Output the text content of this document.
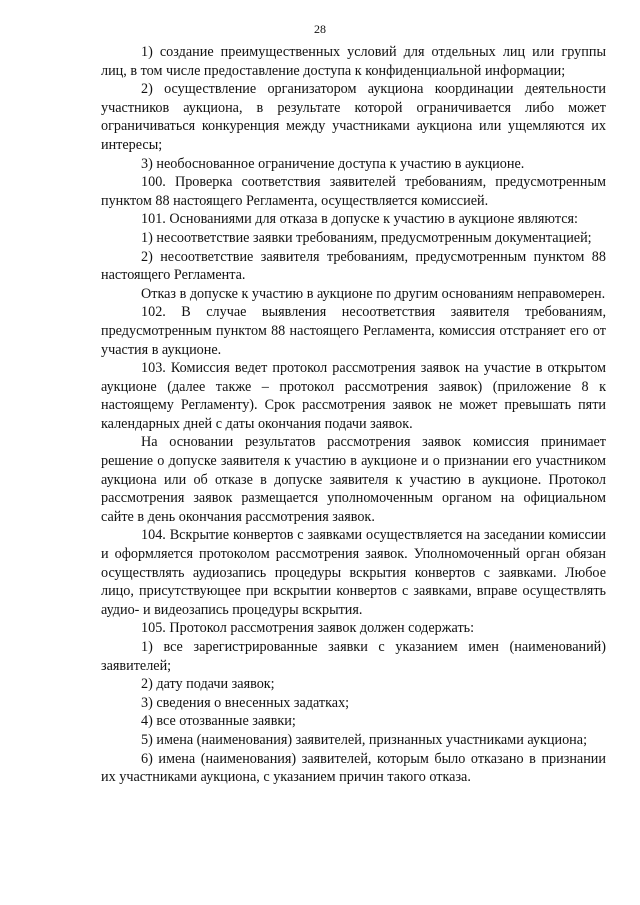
28

1) создание преимущественных условий для отдельных лиц или группы лиц, в том числе предоставление доступа к конфиденциальной информации;

2) осуществление организатором аукциона координации деятельности участников аукциона, в результате которой ограничивается либо может ограничиваться конкуренция между участниками аукциона или ущемляются их интересы;

3) необоснованное ограничение доступа к участию в аукционе.

100. Проверка соответствия заявителей требованиям, предусмотренным пунктом 88 настоящего Регламента, осуществляется комиссией.

101. Основаниями для отказа в допуске к участию в аукционе являются:

1) несоответствие заявки требованиям, предусмотренным документацией;

2) несоответствие заявителя требованиям, предусмотренным пунктом 88 настоящего Регламента.

Отказ в допуске к участию в аукционе по другим основаниям неправомерен.

102. В случае выявления несоответствия заявителя требованиям, предусмотренным пунктом 88 настоящего Регламента, комиссия отстраняет его от участия в аукционе.

103. Комиссия ведет протокол рассмотрения заявок на участие в открытом аукционе (далее также – протокол рассмотрения заявок) (приложение 8 к настоящему Регламенту). Срок рассмотрения заявок не может превышать пяти календарных дней с даты окончания подачи заявок.

На основании результатов рассмотрения заявок комиссия принимает решение о допуске заявителя к участию в аукционе и о признании его участником аукциона или об отказе в допуске заявителя к участию в аукционе. Протокол рассмотрения заявок размещается уполномоченным органом на официальном сайте в день окончания рассмотрения заявок.

104. Вскрытие конвертов с заявками осуществляется на заседании комиссии и оформляется протоколом рассмотрения заявок. Уполномоченный орган обязан осуществлять аудиозапись процедуры вскрытия конвертов с заявками. Любое лицо, присутствующее при вскрытии конвертов с заявками, вправе осуществлять аудио- и видеозапись процедуры вскрытия.

105. Протокол рассмотрения заявок должен содержать:

1) все зарегистрированные заявки с указанием имен (наименований) заявителей;

2) дату подачи заявок;

3) сведения о внесенных задатках;

4) все отозванные заявки;

5) имена (наименования) заявителей, признанных участниками аукциона;

6) имена (наименования) заявителей, которым было отказано в признании их участниками аукциона, с указанием причин такого отказа.
